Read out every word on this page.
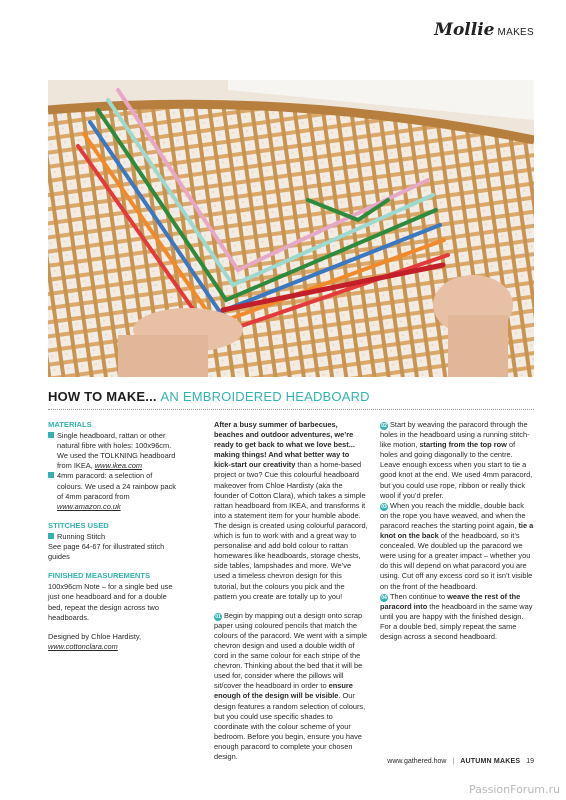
Mollie MAKES
HOW TO MAKE... AN EMBROIDERED HEADBOARD
MATERIALS

Single headboard, rattan or other natural fibre with holes: 100x96cm. We used the TOLKNING headboard from IKEA, www.ikea.com

4mm paracord: a selection of colours. We used a 24 rainbow pack of 4mm paracord from www.amazon.co.uk

STITCHES USED

Running Stitch

See page 64-67 for illustrated stitch guides

FINISHED MEASUREMENTS

100x96cm Note – for a single bed use just one headboard and for a double bed, repeat the design across two headboards.

Designed by Chloe Hardisty, www.cottonclara.com

After a busy summer of barbecues, beaches and outdoor adventures, we’re ready to get back to what we love best... making things! And what better way to kick-start our creativity than a home-based project or two? Cue this colourful headboard makeover from Chloe Hardisty (aka the founder of Cotton Clara), which takes a simple rattan headboard from IKEA, and transforms it into a statement item for your humble abode. The design is created using colourful paracord, which is fun to work with and a great way to personalise and add bold colour to rattan homewares like headboards, storage chests, side tables, lampshades and more. We’ve used a timeless chevron design for this tutorial, but the colours you pick and the pattern you create are totally up to you!

01 Begin by mapping out a design onto scrap paper using coloured pencils that match the colours of the paracord. We went with a simple chevron design and used a double width of cord in the same colour for each stripe of the chevron. Thinking about the bed that it will be used for, consider where the pillows will sit/cover the headboard in order to ensure enough of the design will be visible. Our design features a random selection of colours, but you could use specific shades to coordinate with the colour scheme of your bedroom. Before you begin, ensure you have enough paracord to complete your chosen design.

02 Start by weaving the paracord through the holes in the headboard using a running stitch-like motion, starting from the top row of holes and going diagonally to the centre. Leave enough excess when you start to tie a good knot at the end. We used 4mm paracord, but you could use rope, ribbon or really thick wool if you’d prefer.

03 When you reach the middle, double back on the rope you have weaved, and when the paracord reaches the starting point again, tie a knot on the back of the headboard, so it’s concealed. We doubled up the paracord we were using for a greater impact – whether you do this will depend on what paracord you are using. Cut off any excess cord so it isn’t visible on the front of the headboard.

04 Then continue to weave the rest of the paracord into the headboard in the same way until you are happy with the finished design. For a double bed, simply repeat the same design across a second headboard.

www.gathered.how | AUTUMN MAKES 19
PassionForum.ru
